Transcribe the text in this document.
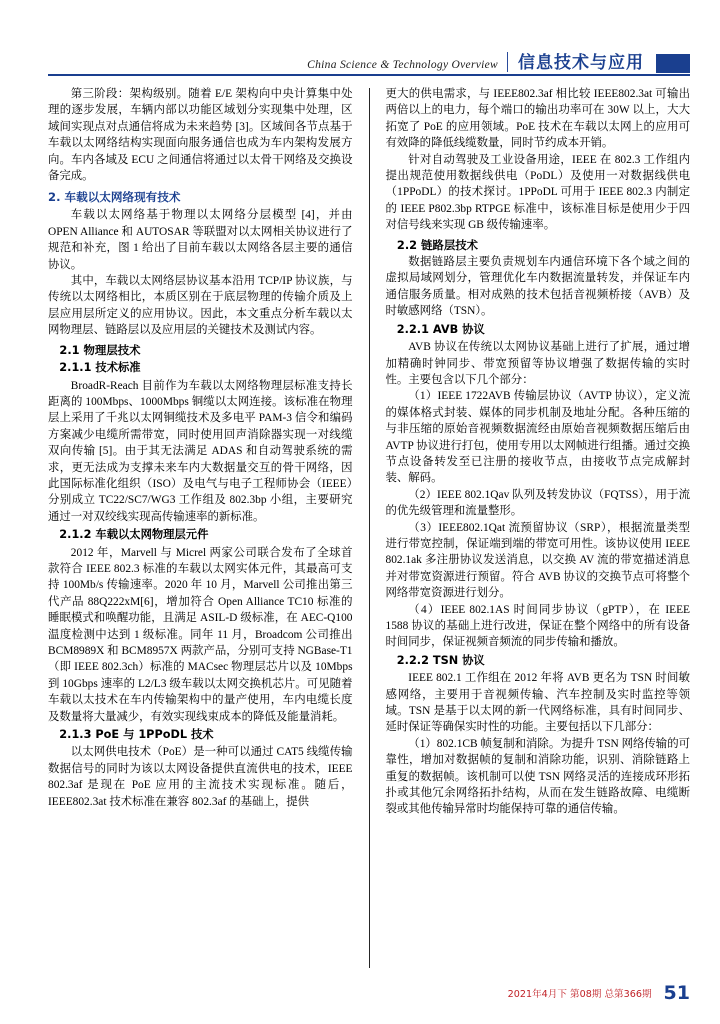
China Science & Technology Overview	信息技术与应用

第三阶段：架构级别。随着 E/E 架构向中央计算集中处理的逐步发展，车辆内部以功能区域划分实现集中处理，区域间实现点对点通信将成为未来趋势 [3]。区域间各节点基于车载以太网络结构实现面向服务通信也成为车内架构发展方向。车内各域及 ECU 之间通信将通过以太骨干网络及交换设备完成。

2. 车载以太网络现有技术

车载以太网络基于物理以太网络分层模型 [4]，并由 OPEN Alliance 和 AUTOSAR 等联盟对以太网相关协议进行了规范和补充，图 1 给出了目前车载以太网络各层主要的通信协议。

其中，车载以太网络层协议基本沿用 TCP/IP 协议族，与传统以太网络相比，本质区别在于底层物理的传输介质及上层应用层所定义的应用协议。因此，本文重点分析车载以太网物理层、链路层以及应用层的关键技术及测试内容。

2.1 物理层技术
2.1.1 技术标准

BroadR-Reach 目前作为车载以太网络物理层标准支持长距离的 100Mbps、1000Mbps 铜缆以太网连接。该标准在物理层上采用了千兆以太网铜缆技术及多电平 PAM-3 信令和编码方案减少电缆所需带宽，同时使用回声消除器实现一对线缆双向传输 [5]。由于其无法满足 ADAS 和自动驾驶系统的需求，更无法成为支撑未来车内大数据量交互的骨干网络，因此国际标准化组织（ISO）及电气与电子工程师协会（IEEE）分别成立 TC22/SC7/WG3 工作组及 802.3bp 小组，主要研究通过一对双绞线实现高传输速率的新标准。

2.1.2 车载以太网物理层元件

2012 年，Marvell 与 Micrel 两家公司联合发布了全球首款符合 IEEE 802.3 标准的车载以太网实体元件，其最高可支持 100Mb/s 传输速率。2020 年 10 月，Marvell 公司推出第三代产品 88Q222xM[6]，增加符合 Open Alliance TC10 标准的睡眠模式和唤醒功能，且满足 ASIL-D 级标准，在 AEC-Q100 温度检测中达到 1 级标准。同年 11 月，Broadcom 公司推出 BCM8989X 和 BCM8957X 两款产品，分别可支持 NGBase-T1（即 IEEE 802.3ch）标准的 MACsec 物理层芯片以及 10Mbps 到 10Gbps 速率的 L2/L3 级车载以太网交换机芯片。可见随着车载以太技术在车内传输架构中的量产使用，车内电缆长度及数量将大量减少，有效实现线束成本的降低及能量消耗。

2.1.3 PoE 与 1PPoDL 技术

以太网供电技术（PoE）是一种可以通过 CAT5 线缆传输数据信号的同时为该以太网设备提供直流供电的技术，IEEE 802.3af 是现在 PoE 应用的主流技术实现标准。随后，IEEE802.3at 技术标准在兼容 802.3af 的基础上，提供

更大的供电需求，与 IEEE802.3af 相比较 IEEE802.3at 可输出两倍以上的电力，每个端口的输出功率可在 30W 以上，大大拓宽了 PoE 的应用领域。PoE 技术在车载以太网上的应用可有效降的降低线缆数量，同时节约成本开销。

针对自动驾驶及工业设备用途，IEEE 在 802.3 工作组内提出规范使用数据线供电（PoDL）及使用一对数据线供电（1PPoDL）的技术探讨。1PPoDL 可用于 IEEE 802.3 内制定的 IEEE P802.3bp RTPGE 标准中，该标准目标是使用少于四对信号线来实现 GB 级传输速率。

2.2 链路层技术

数据链路层主要负责规划车内通信环境下各个域之间的虚拟局域网划分，管理优化车内数据流量转发，并保证车内通信服务质量。相对成熟的技术包括音视频桥接（AVB）及时敏感网络（TSN）。

2.2.1 AVB 协议

AVB 协议在传统以太网协议基础上进行了扩展，通过增加精确时钟同步、带宽预留等协议增强了数据传输的实时性。主要包含以下几个部分：

（1）IEEE 1722AVB 传输层协议（AVTP 协议），定义流的媒体格式封装、媒体的同步机制及地址分配。各种压缩的与非压缩的原始音视频数据流经由原始音视频数据压缩后由 AVTP 协议进行打包，使用专用以太网帧进行组播。通过交换节点设备转发至已注册的接收节点，由接收节点完成解封装、解码。

（2）IEEE 802.1Qav 队列及转发协议（FQTSS），用于流的优先级管理和流量整形。

（3）IEEE802.1Qat 流预留协议（SRP），根据流量类型进行带宽控制，保证端到端的带宽可用性。该协议使用 IEEE 802.1ak 多注册协议发送消息，以交换 AV 流的带宽描述消息并对带宽资源进行预留。符合 AVB 协议的交换节点可将整个网络带宽资源进行划分。

（4）IEEE 802.1AS 时间同步协议（gPTP），在 IEEE 1588 协议的基础上进行改进，保证在整个网络中的所有设备时间同步，保证视频音频流的同步传输和播放。

2.2.2 TSN 协议

IEEE 802.1 工作组在 2012 年将 AVB 更名为 TSN 时间敏感网络，主要用于音视频传输、汽车控制及实时监控等领域。TSN 是基于以太网的新一代网络标准，具有时间同步、延时保证等确保实时性的功能。主要包括以下几部分：

（1）802.1CB 帧复制和消除。为提升 TSN 网络传输的可靠性，增加对数据帧的复制和消除功能，识别、消除链路上重复的数据帧。该机制可以使 TSN 网络灵活的连接成环形拓扑或其他冗余网络拓扑结构，从而在发生链路故障、电缆断裂或其他传输异常时均能保持可靠的通信传输。

2021年4月下 第08期 总第366期 51
